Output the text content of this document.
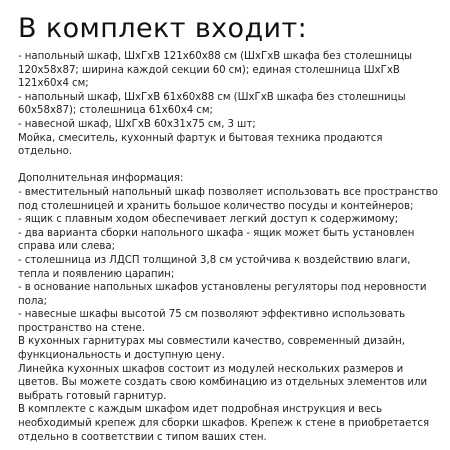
В комплект входит:

- напольный шкаф, ШхГхВ 121х60х88 см (ШхГхВ шкафа без столешницы 120х58х87; ширина каждой секции 60 см); единая столешница ШхГхВ 121х60х4 см;

- напольный шкаф, ШхГхВ 61х60х88 см (ШхГхВ шкафа без столешницы 60х58х87); столешница 61х60х4 см;

- навесной шкаф, ШхГхВ 60х31х75 см, 3 шт;

Мойка, смеситель, кухонный фартук и бытовая техника продаются отдельно.

Дополнительная информация:

- вместительный напольный шкаф позволяет использовать все пространство под столешницей и хранить большое количество посуды и контейнеров;

- ящик с плавным ходом обеспечивает легкий доступ к содержимому;

- два варианта сборки напольного шкафа - ящик может быть установлен справа или слева;

- столешница из ЛДСП толщиной 3,8 см устойчива к воздействию влаги, тепла и появлению царапин;

- в основание напольных шкафов установлены регуляторы под неровности пола;

- навесные шкафы высотой 75 см позволяют эффективно использовать пространство на стене.

В кухонных гарнитурах мы совместили качество, современный дизайн, функциональность и доступную цену.

Линейка кухонных шкафов состоит из модулей нескольких размеров и цветов. Вы можете создать свою комбинацию из отдельных элементов или выбрать готовый гарнитур.

В комплекте с каждым шкафом идет подробная инструкция и весь необходимый крепеж для сборки шкафов. Крепеж к стене в приобретается отдельно в соответствии с типом ваших стен.
